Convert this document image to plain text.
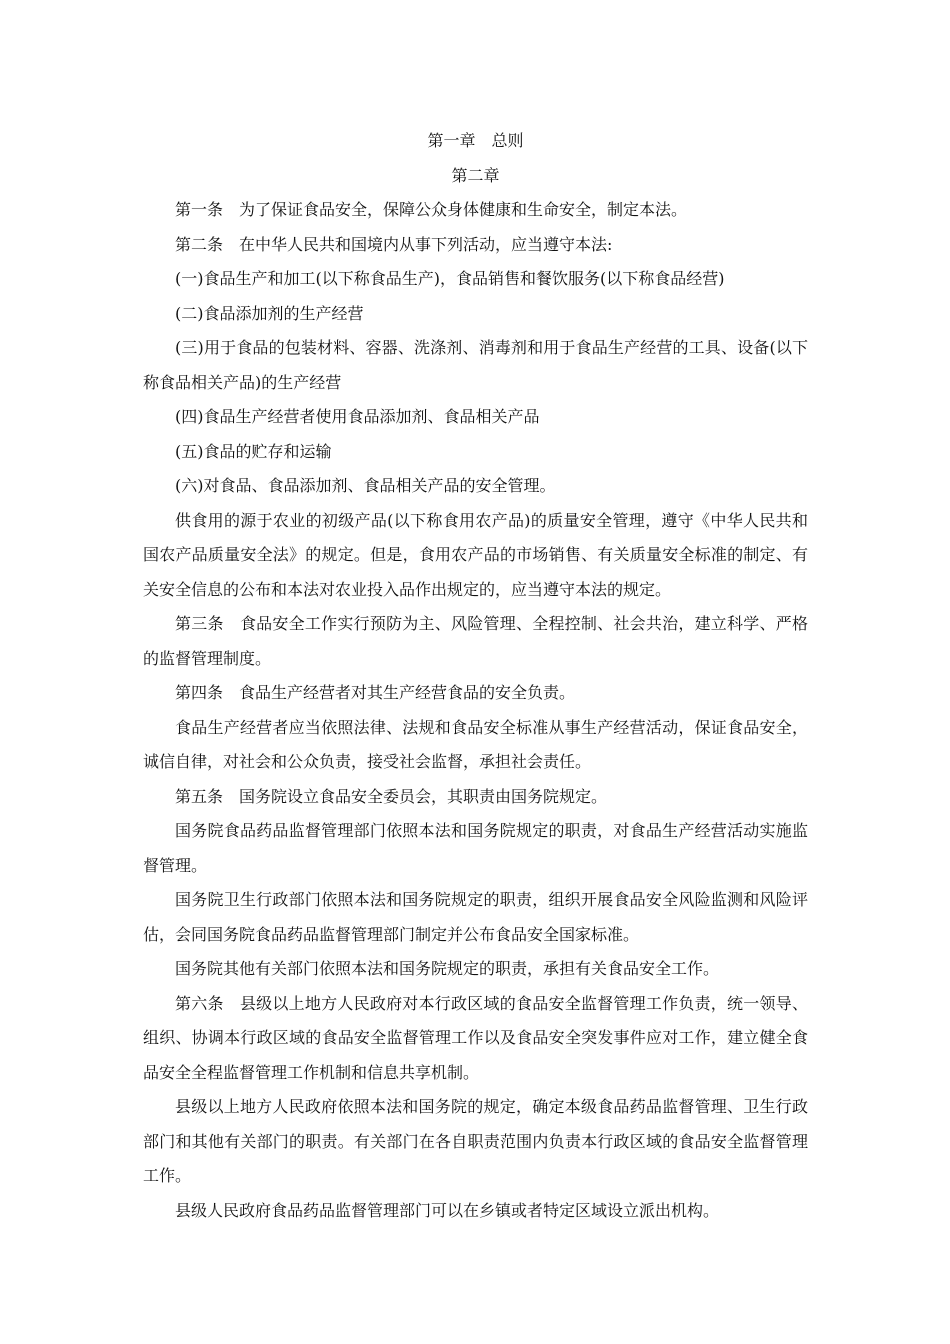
第一章　总则

第二章

第一条　为了保证食品安全，保障公众身体健康和生命安全，制定本法。

第二条　在中华人民共和国境内从事下列活动，应当遵守本法:

(一)食品生产和加工(以下称食品生产)，食品销售和餐饮服务(以下称食品经营)

(二)食品添加剂的生产经营

(三)用于食品的包装材料、容器、洗涤剂、消毒剂和用于食品生产经营的工具、设备(以下称食品相关产品)的生产经营

(四)食品生产经营者使用食品添加剂、食品相关产品

(五)食品的贮存和运输

(六)对食品、食品添加剂、食品相关产品的安全管理。

供食用的源于农业的初级产品(以下称食用农产品)的质量安全管理，遵守《中华人民共和国农产品质量安全法》的规定。但是，食用农产品的市场销售、有关质量安全标准的制定、有关安全信息的公布和本法对农业投入品作出规定的，应当遵守本法的规定。

第三条　食品安全工作实行预防为主、风险管理、全程控制、社会共治，建立科学、严格的监督管理制度。

第四条　食品生产经营者对其生产经营食品的安全负责。

食品生产经营者应当依照法律、法规和食品安全标准从事生产经营活动，保证食品安全，诚信自律，对社会和公众负责，接受社会监督，承担社会责任。

第五条　国务院设立食品安全委员会，其职责由国务院规定。

国务院食品药品监督管理部门依照本法和国务院规定的职责，对食品生产经营活动实施监督管理。

国务院卫生行政部门依照本法和国务院规定的职责，组织开展食品安全风险监测和风险评估，会同国务院食品药品监督管理部门制定并公布食品安全国家标准。

国务院其他有关部门依照本法和国务院规定的职责，承担有关食品安全工作。

第六条　县级以上地方人民政府对本行政区域的食品安全监督管理工作负责，统一领导、组织、协调本行政区域的食品安全监督管理工作以及食品安全突发事件应对工作，建立健全食品安全全程监督管理工作机制和信息共享机制。

县级以上地方人民政府依照本法和国务院的规定，确定本级食品药品监督管理、卫生行政部门和其他有关部门的职责。有关部门在各自职责范围内负责本行政区域的食品安全监督管理工作。

县级人民政府食品药品监督管理部门可以在乡镇或者特定区域设立派出机构。
